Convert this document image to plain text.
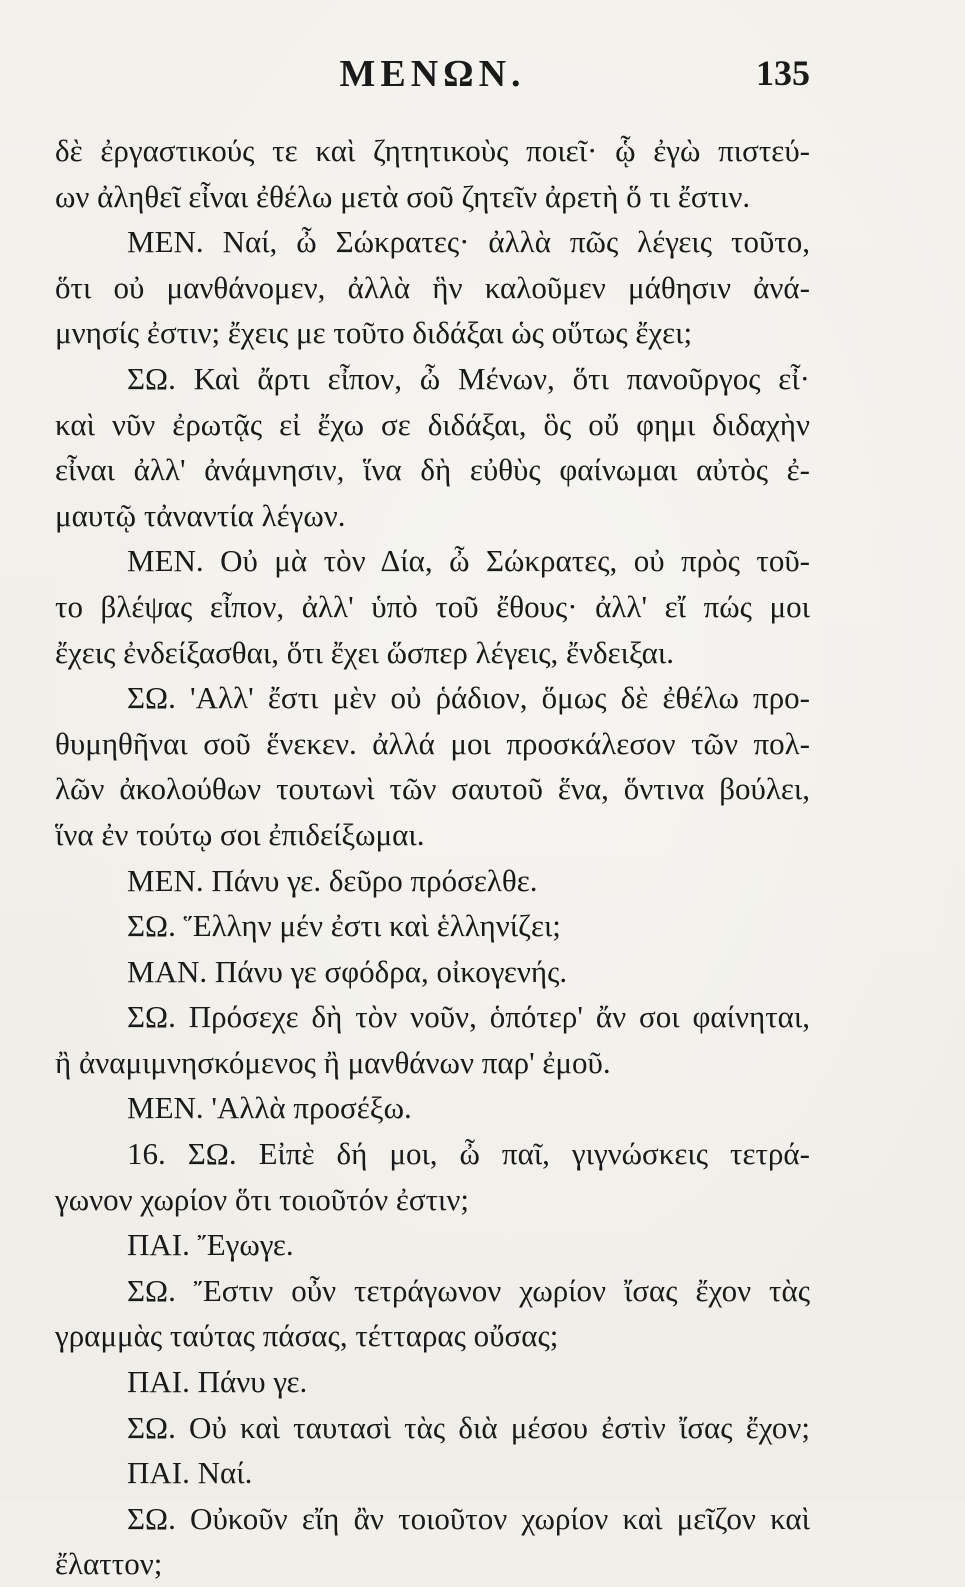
ΜΕΝΩΝ.	135
δὲ ἐργαστικούς τε καὶ ζητητικοὺς ποιεῖ· ᾧ ἐγὼ πιστεύ-
ων ἀληθεῖ εἶναι ἐθέλω μετὰ σοῦ ζητεῖν ἀρετὴ ὅ τι ἔστιν.
ΜΕΝ. Ναί, ὦ Σώκρατες· ἀλλὰ πῶς λέγεις τοῦτο,
ὅτι οὐ μανθάνομεν, ἀλλὰ ἣν καλοῦμεν μάθησιν ἀνά-
μνησίς ἐστιν; ἔχεις με τοῦτο διδάξαι ὡς οὕτως ἔχει;
ΣΩ. Καὶ ἄρτι εἶπον, ὦ Μένων, ὅτι πανοῦργος εἶ·
καὶ νῦν ἐρωτᾷς εἰ ἔχω σε διδάξαι, ὃς οὔ φημι διδαχὴν
εἶναι ἀλλ' ἀνάμνησιν, ἵνα δὴ εὐθὺς φαίνωμαι αὐτὸς ἐ-
μαυτῷ τἀναντία λέγων.
ΜΕΝ. Οὐ μὰ τὸν Δία, ὦ Σώκρατες, οὐ πρὸς τοῦ-
το βλέψας εἶπον, ἀλλ' ὑπὸ τοῦ ἔθους· ἀλλ' εἴ πώς μοι
ἔχεις ἐνδείξασθαι, ὅτι ἔχει ὥσπερ λέγεις, ἔνδειξαι.
ΣΩ. 'Αλλ' ἔστι μὲν οὐ ῥάδιον, ὅμως δὲ ἐθέλω προ-
θυμηθῆναι σοῦ ἕνεκεν. ἀλλά μοι προσκάλεσον τῶν πολ-
λῶν ἀκολούθων τουτωνὶ τῶν σαυτοῦ ἕνα, ὅντινα βούλει,
ἵνα ἐν τούτῳ σοι ἐπιδείξωμαι.
ΜΕΝ. Πάνυ γε. δεῦρο πρόσελθε.
ΣΩ. Ἕλλην μέν ἐστι καὶ ἑλληνίζει;
ΜΑΝ. Πάνυ γε σφόδρα, οἰκογενής.
ΣΩ. Πρόσεχε δὴ τὸν νοῦν, ὁπότερ' ἄν σοι φαίνηται,
ἢ ἀναμιμνησκόμενος ἢ μανθάνων παρ' ἐμοῦ.
ΜΕΝ. 'Αλλὰ προσέξω.
16. ΣΩ. Εἰπὲ δή μοι, ὦ παῖ, γιγνώσκεις τετρά-
γωνον χωρίον ὅτι τοιοῦτόν ἐστιν;
ΠΑΙ. Ἔγωγε.
ΣΩ. Ἔστιν οὖν τετράγωνον χωρίον ἴσας ἔχον τὰς
γραμμὰς ταύτας πάσας, τέτταρας οὔσας;
ΠΑΙ. Πάνυ γε.
ΣΩ. Οὐ καὶ ταυτασὶ τὰς διὰ μέσου ἐστὶν ἴσας ἔχον;
ΠΑΙ. Ναί.
ΣΩ. Οὐκοῦν εἴη ἂν τοιοῦτον χωρίον καὶ μεῖζον καὶ
ἔλαττον;
